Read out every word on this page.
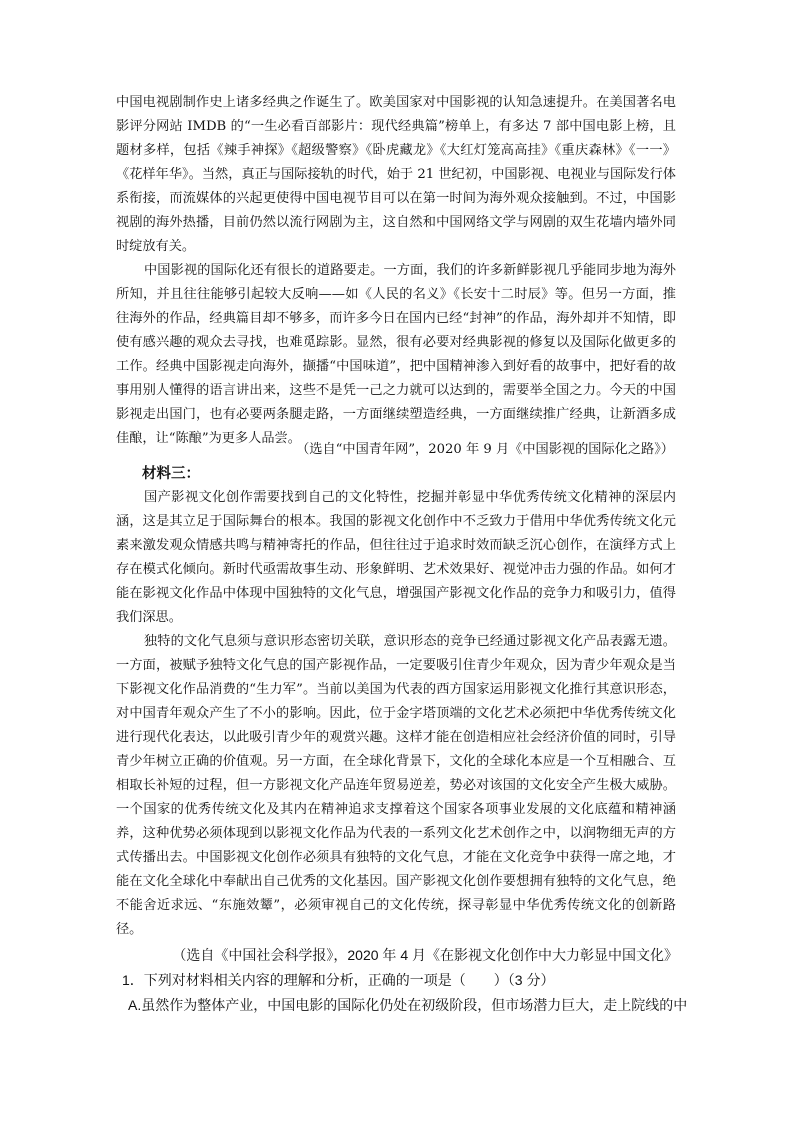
中国电视剧制作史上诸多经典之作诞生了。欧美国家对中国影视的认知急速提升。在美国著名电影评分网站 IMDB 的“一生必看百部影片：现代经典篇”榜单上，有多达 7 部中国电影上榜，且题材多样，包括《辣手神探》《超级警察》《卧虎藏龙》《大红灯笼高高挂》《重庆森林》《一一》《花样年华》。当然，真正与国际接轨的时代，始于 21 世纪初，中国影视、电视业与国际发行体系衔接，而流媒体的兴起更使得中国电视节目可以在第一时间为海外观众接触到。不过，中国影视剧的海外热播，目前仍然以流行网剧为主，这自然和中国网络文学与网剧的双生花墙内墙外同时绽放有关。

中国影视的国际化还有很长的道路要走。一方面，我们的许多新鲜影视几乎能同步地为海外所知，并且往往能够引起较大反响——如《人民的名义》《长安十二时辰》等。但另一方面，推往海外的作品，经典篇目却不够多，而许多今日在国内已经“封神”的作品，海外却并不知情，即使有感兴趣的观众去寻找，也难觅踪影。显然，很有必要对经典影视的修复以及国际化做更多的工作。经典中国影视走向海外，撷播“中国味道”，把中国精神渗入到好看的故事中，把好看的故事用别人懂得的语言讲出来，这些不是凭一己之力就可以达到的，需要举全国之力。今天的中国影视走出国门，也有必要两条腿走路，一方面继续塑造经典，一方面继续推广经典，让新酒多成佳酿，让“陈酿”为更多人品尝。

（选自“中国青年网”，2020 年 9 月《中国影视的国际化之路》）

材料三：

国产影视文化创作需要找到自己的文化特性，挖掘并彰显中华优秀传统文化精神的深层内涵，这是其立足于国际舞台的根本。我国的影视文化创作中不乏致力于借用中华优秀传统文化元素来激发观众情感共鸣与精神寄托的作品，但往往过于追求时效而缺乏沉心创作，在演绎方式上存在模式化倾向。新时代亟需故事生动、形象鲜明、艺术效果好、视觉冲击力强的作品。如何才能在影视文化作品中体现中国独特的文化气息，增强国产影视文化作品的竞争力和吸引力，值得我们深思。

独特的文化气息须与意识形态密切关联，意识形态的竞争已经通过影视文化产品表露无遗。一方面，被赋予独特文化气息的国产影视作品，一定要吸引住青少年观众，因为青少年观众是当下影视文化作品消费的“生力军”。当前以美国为代表的西方国家运用影视文化推行其意识形态，对中国青年观众产生了不小的影响。因此，位于金字塔顶端的文化艺术必须把中华优秀传统文化进行现代化表达，以此吸引青少年的观赏兴趣。这样才能在创造相应社会经济价值的同时，引导青少年树立正确的价值观。另一方面，在全球化背景下，文化的全球化本应是一个互相融合、互相取长补短的过程，但一方影视文化产品连年贸易逆差，势必对该国的文化安全产生极大威胁。一个国家的优秀传统文化及其内在精神追求支撑着这个国家各项事业发展的文化底蕴和精神涵养，这种优势必须体现到以影视文化作品为代表的一系列文化艺术创作之中，以润物细无声的方式传播出去。中国影视文化创作必须具有独特的文化气息，才能在文化竞争中获得一席之地，才能在文化全球化中奉献出自己优秀的文化基因。国产影视文化创作要想拥有独特的文化气息，绝不能舍近求远、“东施效颦”，必须审视自己的文化传统，探寻彰显中华优秀传统文化的创新路径。

（选自《中国社会科学报》，2020 年 4 月《在影视文化创作中大力彰显中国文化》

1．下列对材料相关内容的理解和分析，正确的一项是（　　）（3 分）

A.虽然作为整体产业，中国电影的国际化仍处在初级阶段，但市场潜力巨大，走上院线的中
